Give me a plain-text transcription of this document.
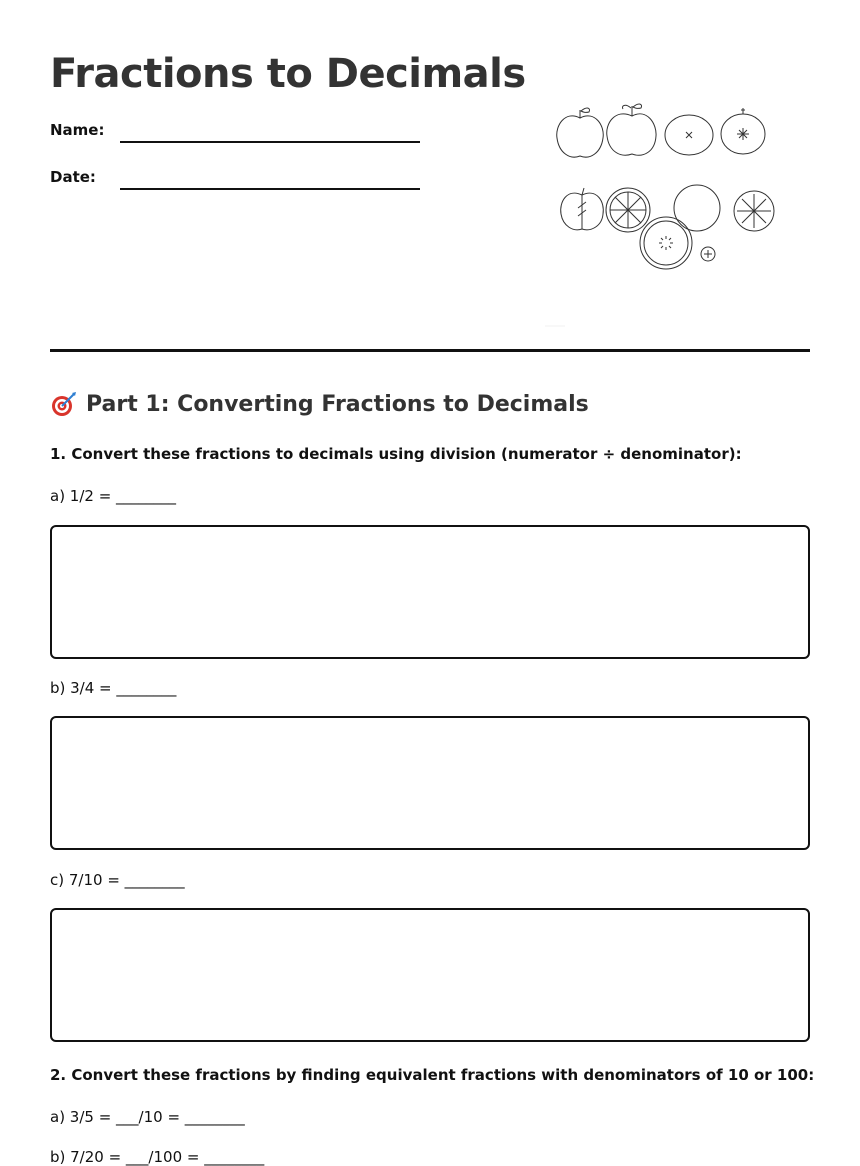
Fractions to Decimals
Name:
Date:
Part 1: Converting Fractions to Decimals
1. Convert these fractions to decimals using division (numerator ÷ denominator):
a) 1/2 = ________
b) 3/4 = ________
c) 7/10 = ________
2. Convert these fractions by finding equivalent fractions with denominators of 10 or 100:
a) 3/5 = ___/10 = ________
b) 7/20 = ___/100 = ________
